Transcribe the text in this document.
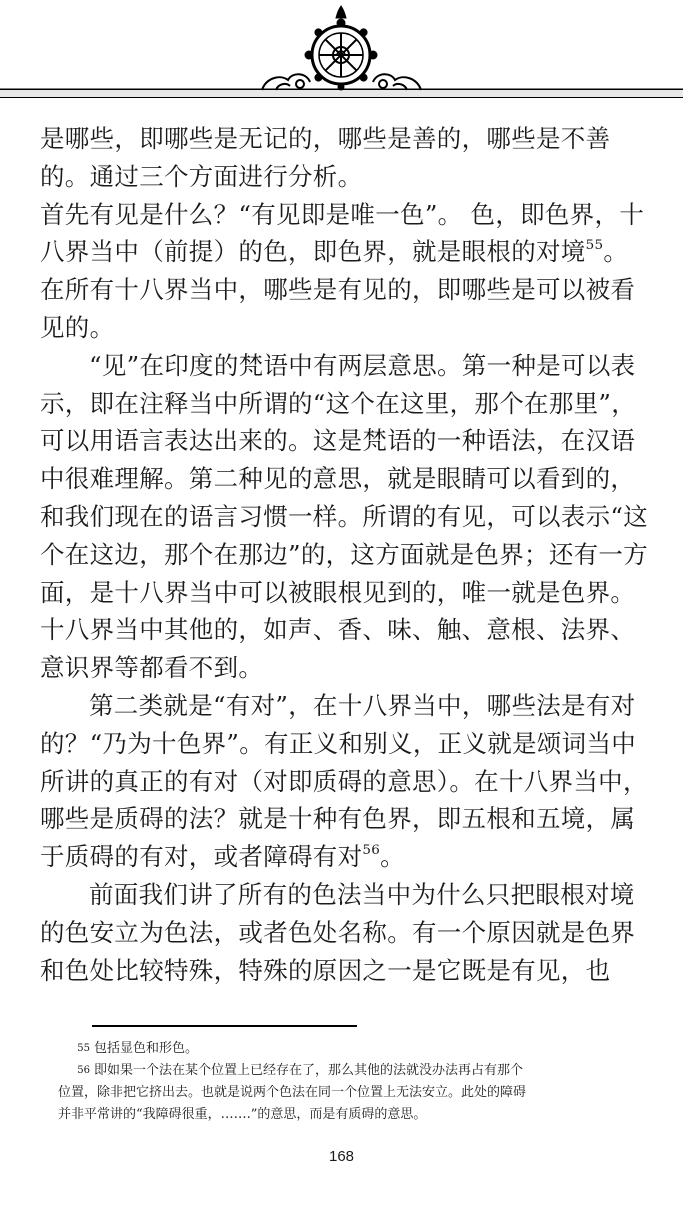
是哪些，即哪些是无记的，哪些是善的，哪些是不善的。通过三个方面进行分析。

首先有见是什么？“有见即是唯一色”。 色，即色界，十八界当中（前提）的色，即色界，就是眼根的对境$^{55}$。在所有十八界当中，哪些是有见的，即哪些是可以被看见的。

“见”在印度的梵语中有两层意思。第一种是可以表示，即在注释当中所谓的“这个在这里，那个在那里”，可以用语言表达出来的。这是梵语的一种语法，在汉语中很难理解。第二种见的意思，就是眼睛可以看到的，和我们现在的语言习惯一样。所谓的有见，可以表示“这个在这边，那个在那边”的，这方面就是色界；还有一方面，是十八界当中可以被眼根见到的，唯一就是色界。十八界当中其他的，如声、香、味、触、意根、法界、意识界等都看不到。

第二类就是“有对”，在十八界当中，哪些法是有对的？“乃为十色界”。有正义和别义，正义就是颂词当中所讲的真正的有对（对即质碍的意思）。在十八界当中，哪些是质碍的法？就是十种有色界，即五根和五境，属于质碍的有对，或者障碍有对$^{56}$。

前面我们讲了所有的色法当中为什么只把眼根对境的色安立为色法，或者色处名称。有一个原因就是色界和色处比较特殊，特殊的原因之一是它既是有见，也

55 包括显色和形色。

56 即如果一个法在某个位置上已经存在了，那么其他的法就没办法再占有那个

位置，除非把它挤出去。也就是说两个色法在同一个位置上无法安立。此处的障碍

并非平常讲的“我障碍很重，…….”的意思，而是有质碍的意思。

168
